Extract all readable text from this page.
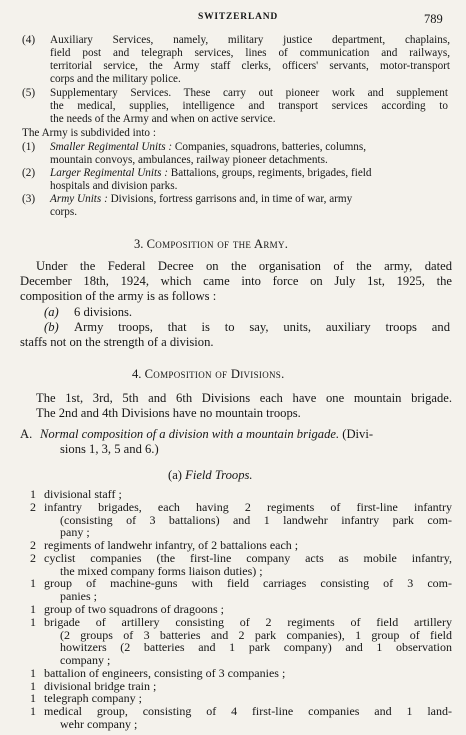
SWITZERLAND	789
(4) Auxiliary Services, namely, military justice department, chaplains,
field post and telegraph services, lines of communication and railways,
territorial service, the Army staff clerks, officers' servants, motor-transport
corps and the military police.
(5) Supplementary Services. These carry out pioneer work and supplement
the medical, supplies, intelligence and transport services according to
the needs of the Army and when on active service.
The Army is subdivided into :
(1) Smaller Regimental Units : Companies, squadrons, batteries, columns,
mountain convoys, ambulances, railway pioneer detachments.
(2) Larger Regimental Units : Battalions, groups, regiments, brigades, field
hospitals and division parks.
(3) Army Units : Divisions, fortress garrisons and, in time of war, army
corps.
3. Composition of the Army.
Under the Federal Decree on the organisation of the army, dated
December 18th, 1924, which came into force on July 1st, 1925, the
composition of the army is as follows :
(a) 6 divisions.
(b) Army troops, that is to say, units, auxiliary troops and
staffs not on the strength of a division.
4. Composition of Divisions.
The 1st, 3rd, 5th and 6th Divisions each have one mountain brigade.
The 2nd and 4th Divisions have no mountain troops.
A. Normal composition of a division with a mountain brigade. (Divi-
sions 1, 3, 5 and 6.)
(a) Field Troops.
1 divisional staff ;
2 infantry brigades, each having 2 regiments of first-line infantry
(consisting of 3 battalions) and 1 landwehr infantry park com-
pany ;
2 regiments of landwehr infantry, of 2 battalions each ;
2 cyclist companies (the first-line company acts as mobile infantry,
the mixed company forms liaison duties) ;
1 group of machine-guns with field carriages consisting of 3 com-
panies ;
1 group of two squadrons of dragoons ;
1 brigade of artillery consisting of 2 regiments of field artillery
(2 groups of 3 batteries and 2 park companies), 1 group of field
howitzers (2 batteries and 1 park company) and 1 observation
company ;
1 battalion of engineers, consisting of 3 companies ;
1 divisional bridge train ;
1 telegraph company ;
1 medical group, consisting of 4 first-line companies and 1 land-
wehr company ;
